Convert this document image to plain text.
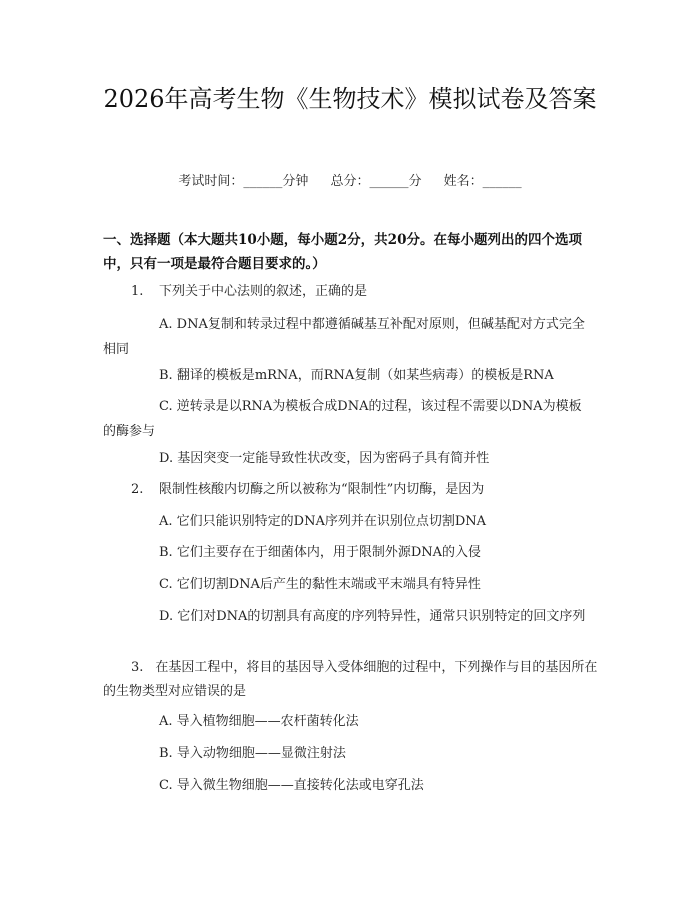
2026年高考生物《生物技术》模拟试卷及答案
考试时间：______分钟 总分：______分 姓名：______
一、选择题（本大题共10小题，每小题2分，共20分。在每小题列出的四个选项中，只有一项是最符合题目要求的。）
1. 下列关于中心法则的叙述，正确的是
A. DNA复制和转录过程中都遵循碱基互补配对原则，但碱基配对方式完全相同
B. 翻译的模板是mRNA，而RNA复制（如某些病毒）的模板是RNA
C. 逆转录是以RNA为模板合成DNA的过程，该过程不需要以DNA为模板的酶参与
D. 基因突变一定能导致性状改变，因为密码子具有简并性
2. 限制性核酸内切酶之所以被称为“限制性”内切酶，是因为
A. 它们只能识别特定的DNA序列并在识别位点切割DNA
B. 它们主要存在于细菌体内，用于限制外源DNA的入侵
C. 它们切割DNA后产生的黏性末端或平末端具有特异性
D. 它们对DNA的切割具有高度的序列特异性，通常只识别特定的回文序列
3. 在基因工程中，将目的基因导入受体细胞的过程中，下列操作与目的基因所在的生物类型对应错误的是
A. 导入植物细胞——农杆菌转化法
B. 导入动物细胞——显微注射法
C. 导入微生物细胞——直接转化法或电穿孔法
